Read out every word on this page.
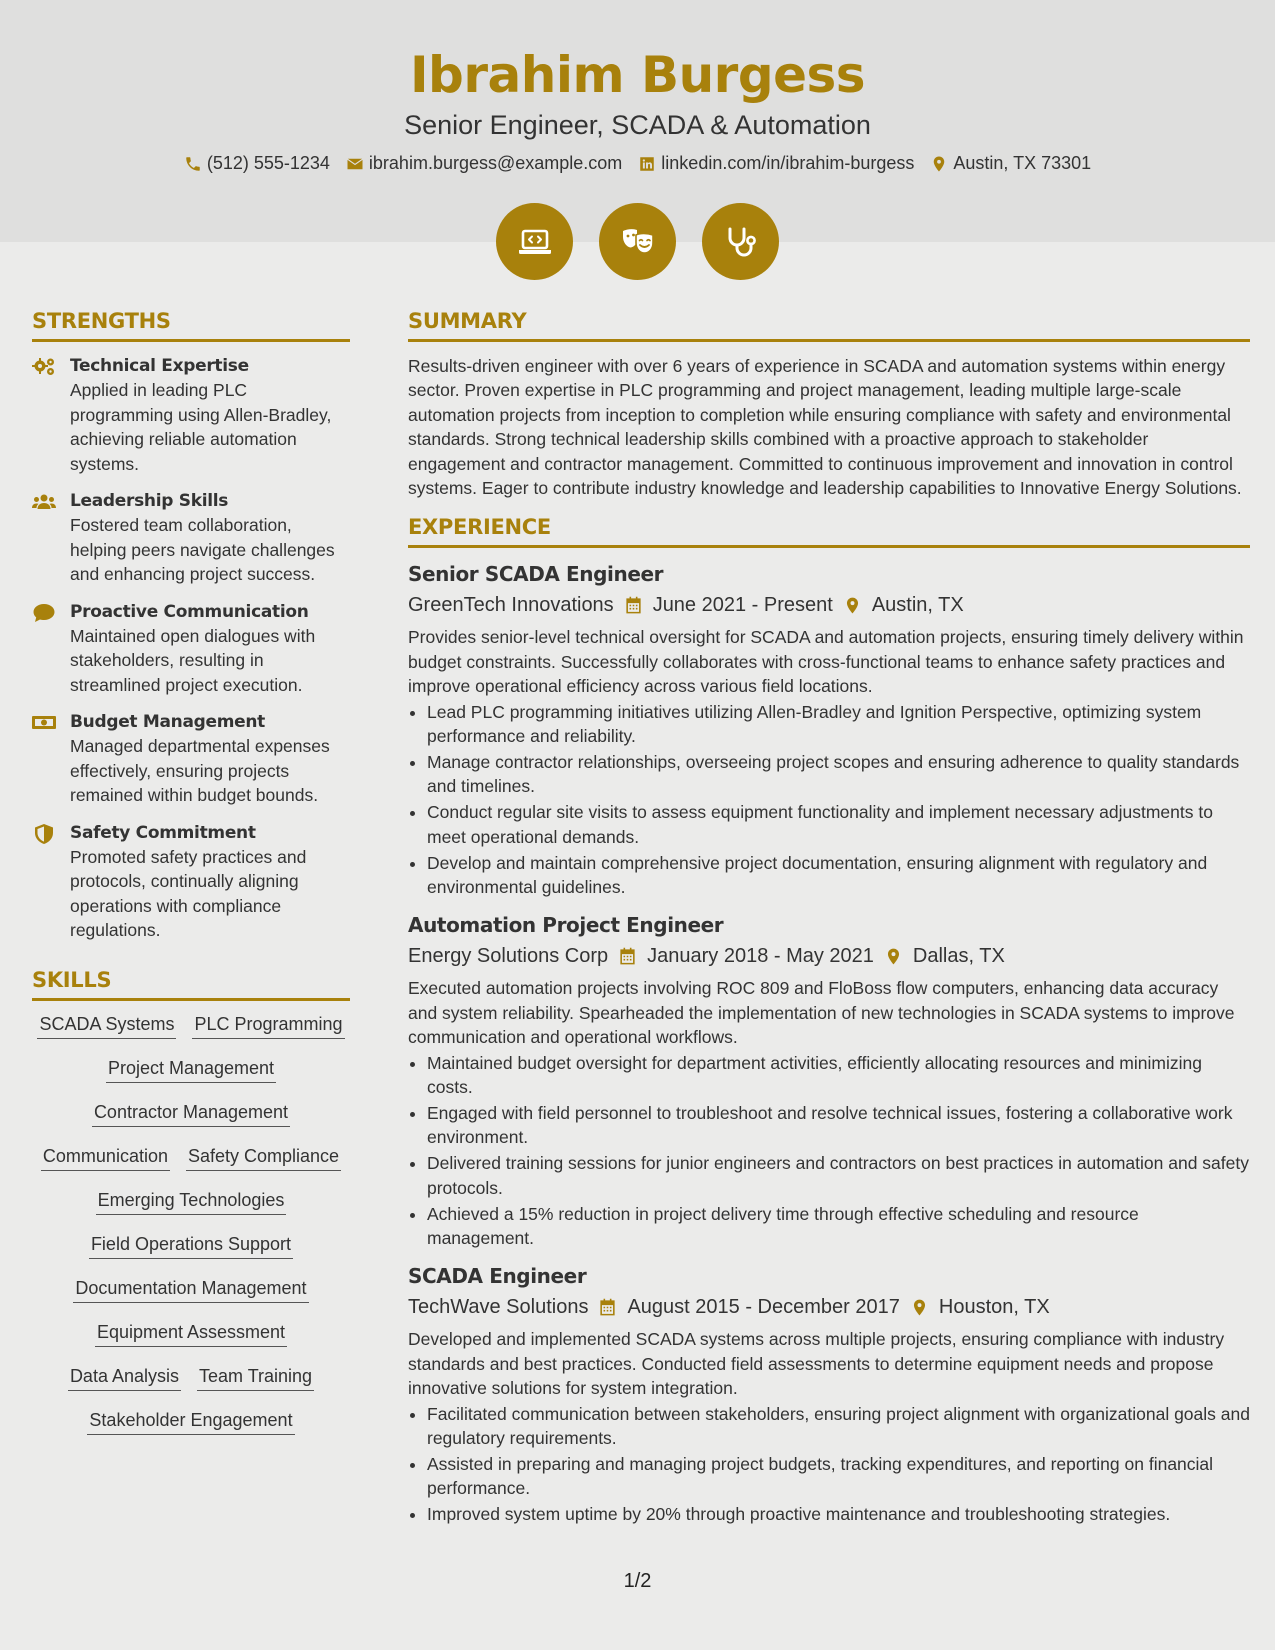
Ibrahim Burgess
Senior Engineer, SCADA & Automation
(512) 555-1234 ibrahim.burgess@example.com linkedin.com/in/ibrahim-burgess Austin, TX 73301
STRENGTHS
Technical Expertise
Applied in leading PLC programming using Allen-Bradley, achieving reliable automation systems.
Leadership Skills
Fostered team collaboration, helping peers navigate challenges and enhancing project success.
Proactive Communication
Maintained open dialogues with stakeholders, resulting in streamlined project execution.
Budget Management
Managed departmental expenses effectively, ensuring projects remained within budget bounds.
Safety Commitment
Promoted safety practices and protocols, continually aligning operations with compliance regulations.
SKILLS
SCADA Systems PLC Programming
Project Management
Contractor Management
Communication Safety Compliance
Emerging Technologies
Field Operations Support
Documentation Management
Equipment Assessment
Data Analysis Team Training
Stakeholder Engagement
SUMMARY
Results-driven engineer with over 6 years of experience in SCADA and automation systems within energy sector. Proven expertise in PLC programming and project management, leading multiple large-scale automation projects from inception to completion while ensuring compliance with safety and environmental standards. Strong technical leadership skills combined with a proactive approach to stakeholder engagement and contractor management. Committed to continuous improvement and innovation in control systems. Eager to contribute industry knowledge and leadership capabilities to Innovative Energy Solutions.
EXPERIENCE
Senior SCADA Engineer
GreenTech Innovations June 2021 - Present Austin, TX
Provides senior-level technical oversight for SCADA and automation projects, ensuring timely delivery within budget constraints. Successfully collaborates with cross-functional teams to enhance safety practices and improve operational efficiency across various field locations.
• Lead PLC programming initiatives utilizing Allen-Bradley and Ignition Perspective, optimizing system performance and reliability.
• Manage contractor relationships, overseeing project scopes and ensuring adherence to quality standards and timelines.
• Conduct regular site visits to assess equipment functionality and implement necessary adjustments to meet operational demands.
• Develop and maintain comprehensive project documentation, ensuring alignment with regulatory and environmental guidelines.
Automation Project Engineer
Energy Solutions Corp January 2018 - May 2021 Dallas, TX
Executed automation projects involving ROC 809 and FloBoss flow computers, enhancing data accuracy and system reliability. Spearheaded the implementation of new technologies in SCADA systems to improve communication and operational workflows.
• Maintained budget oversight for department activities, efficiently allocating resources and minimizing costs.
• Engaged with field personnel to troubleshoot and resolve technical issues, fostering a collaborative work environment.
• Delivered training sessions for junior engineers and contractors on best practices in automation and safety protocols.
• Achieved a 15% reduction in project delivery time through effective scheduling and resource management.
SCADA Engineer
TechWave Solutions August 2015 - December 2017 Houston, TX
Developed and implemented SCADA systems across multiple projects, ensuring compliance with industry standards and best practices. Conducted field assessments to determine equipment needs and propose innovative solutions for system integration.
• Facilitated communication between stakeholders, ensuring project alignment with organizational goals and regulatory requirements.
• Assisted in preparing and managing project budgets, tracking expenditures, and reporting on financial performance.
• Improved system uptime by 20% through proactive maintenance and troubleshooting strategies.
1/2
